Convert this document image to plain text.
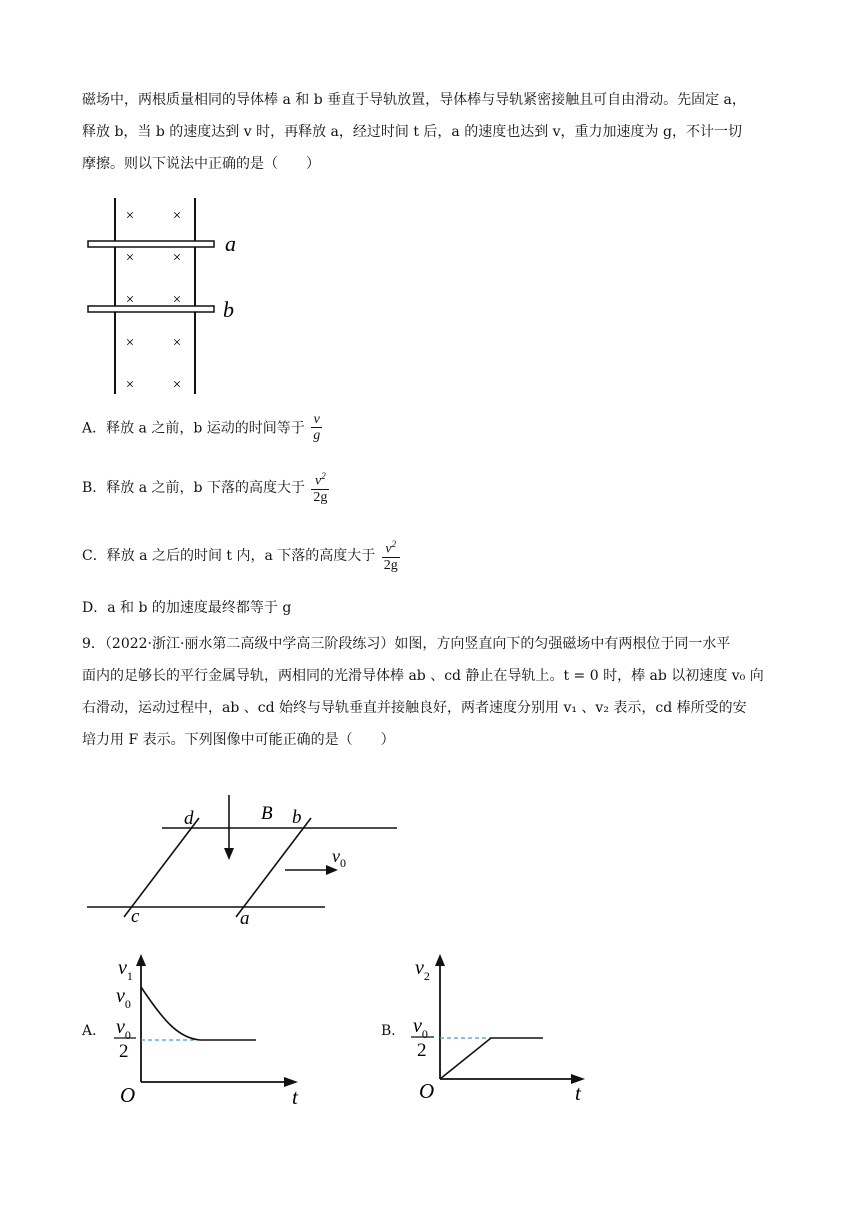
磁场中，两根质量相同的导体棒 a 和 b 垂直于导轨放置，导体棒与导轨紧密接触且可自由滑动。先固定 a，
释放 b，当 b 的速度达到 v 时，再释放 a，经过时间 t 后，a 的速度也达到 v，重力加速度为 g，不计一切
摩擦。则以下说法中正确的是（　　）
a
b
×	×
×	×
×	×
×	×
×	×
A．释放 a 之前，b 运动的时间等于 $\frac{v}{g}$
B．释放 a 之前，b 下落的高度大于 $\frac{v^2}{2g}$
C．释放 a 之后的时间 t 内，a 下落的高度大于 $\frac{v^2}{2g}$
D．a 和 b 的加速度最终都等于 g
9．（2022·浙江·丽水第二高级中学高三阶段练习）如图，方向竖直向下的匀强磁场中有两根位于同一水平
面内的足够长的平行金属导轨，两相同的光滑导体棒 ab 、cd 静止在导轨上。t = 0 时，棒 ab 以初速度 v₀ 向
右滑动，运动过程中，ab 、cd 始终与导轨垂直并接触良好，两者速度分别用 v₁ 、v₂ 表示，cd 棒所受的安
培力用 F 表示。下列图像中可能正确的是（　　）
d	B b
c	a
$v_0$
A．
$v_1$
$v_0$
$v_0$
2
O	t
B．
$v_2$
$v_0$
2
O	t
